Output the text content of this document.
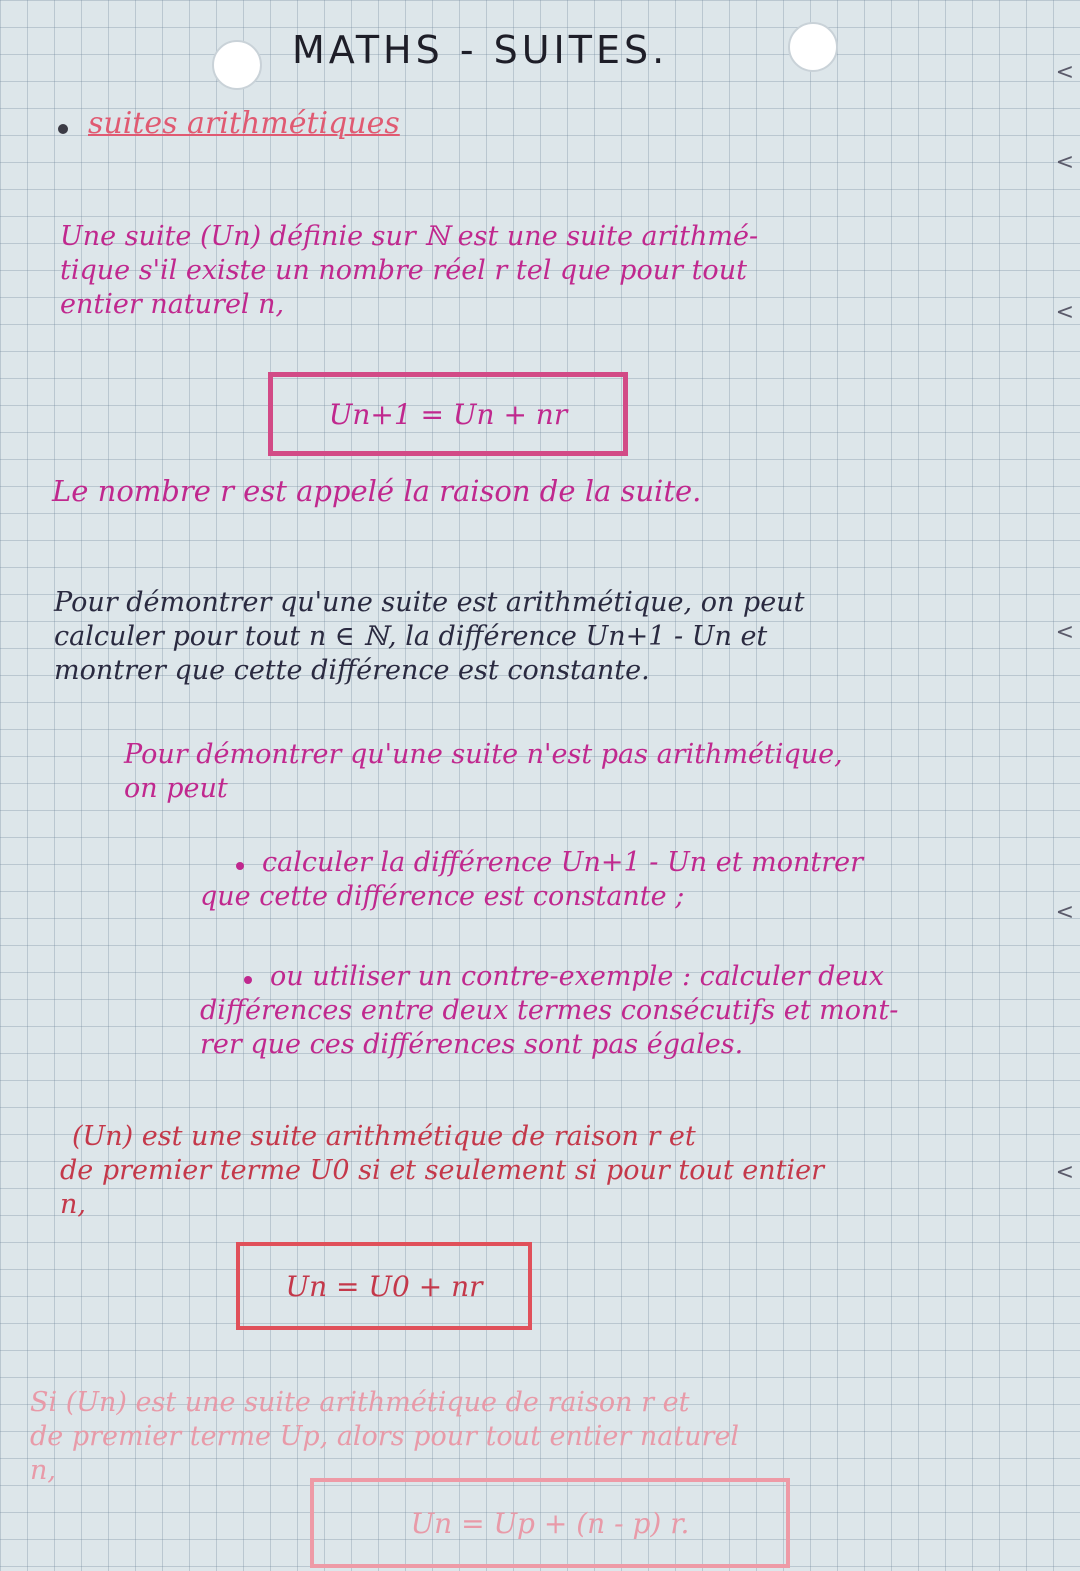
MATHS - SUITES.
suites arithmétiques
Une suite (Un) définie sur ℕ est une suite arithmé-
tique s'il existe un nombre réel r tel que pour tout
entier naturel n,
Un+1 = Un + nr
Le nombre r est appelé la raison de la suite.
Pour démontrer qu'une suite est arithmétique, on peut
calculer pour tout n ∈ ℕ, la différence Un+1 - Un et
montrer que cette différence est constante.
Pour démontrer qu'une suite n'est pas arithmétique,
on peut
calculer la différence Un+1 - Un et montrer
que cette différence est constante ;
ou utiliser un contre-exemple : calculer deux
différences entre deux termes consécutifs et mont-
rer que ces différences sont pas égales.
(Un) est une suite arithmétique de raison r et
de premier terme U0 si et seulement si pour tout entier
n,
Un = U0 + nr
Si (Un) est une suite arithmétique de raison r et
de premier terme Up, alors pour tout entier naturel
n,
Un = Up + (n - p) r.
<
<
<
<
<
<
